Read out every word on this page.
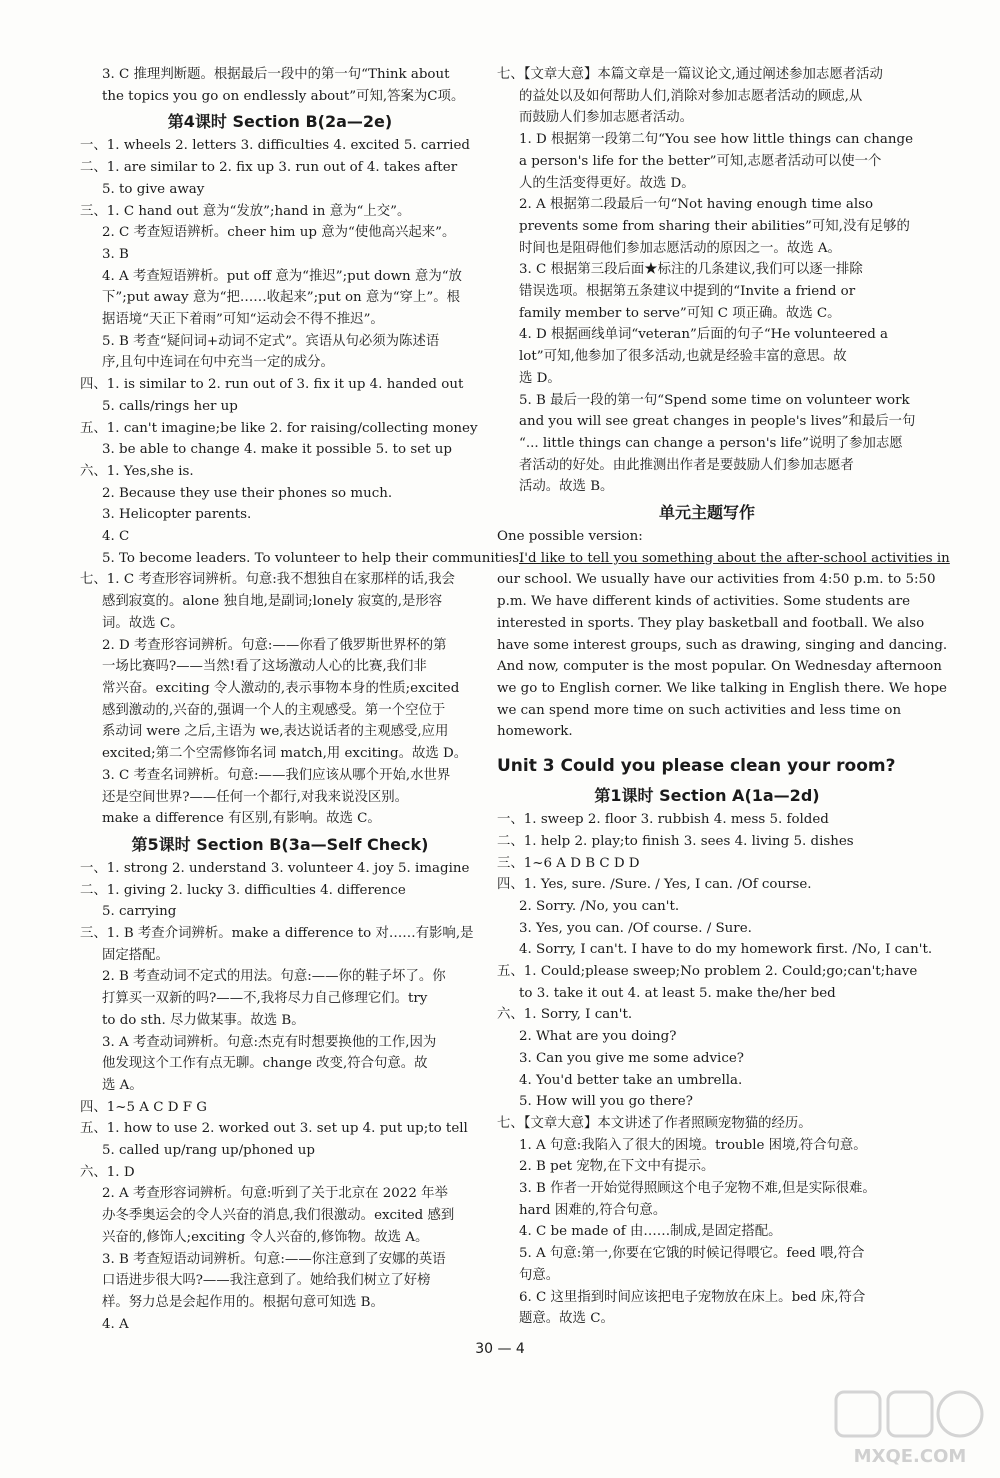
3. C 推理判断题。根据最后一段中的第一句“Think about
the topics you go on endlessly about”可知,答案为C项。
第4课时 Section B(2a—2e)
一、1. wheels 2. letters 3. difficulties 4. excited 5. carried
二、1. are similar to 2. fix up 3. run out of 4. takes after
5. to give away
三、1. C hand out 意为“发放”;hand in 意为“上交”。
2. C 考查短语辨析。cheer him up 意为“使他高兴起来”。
3. B
4. A 考查短语辨析。put off 意为“推迟”;put down 意为“放
下”;put away 意为“把……收起来”;put on 意为“穿上”。根
据语境“天正下着雨”可知“运动会不得不推迟”。
5. B 考查“疑问词+动词不定式”。宾语从句必须为陈述语
序,且句中连词在句中充当一定的成分。
四、1. is similar to 2. run out of 3. fix it up 4. handed out
5. calls/rings her up
五、1. can't imagine;be like 2. for raising/collecting money
3. be able to change 4. make it possible 5. to set up
六、1. Yes,she is.
2. Because they use their phones so much.
3. Helicopter parents.
4. C
5. To become leaders. To volunteer to help their communities.
七、1. C 考查形容词辨析。句意:我不想独自在家那样的话,我会
感到寂寞的。alone 独自地,是副词;lonely 寂寞的,是形容
词。故选 C。
2. D 考查形容词辨析。句意:——你看了俄罗斯世界杯的第
一场比赛吗?——当然!看了这场激动人心的比赛,我们非
常兴奋。exciting 令人激动的,表示事物本身的性质;excited
感到激动的,兴奋的,强调一个人的主观感受。第一个空位于
系动词 were 之后,主语为 we,表达说话者的主观感受,应用
excited;第二个空需修饰名词 match,用 exciting。故选 D。
3. C 考查名词辨析。句意:——我们应该从哪个开始,水世界
还是空间世界?——任何一个都行,对我来说没区别。
make a difference 有区别,有影响。故选 C。
第5课时 Section B(3a—Self Check)
一、1. strong 2. understand 3. volunteer 4. joy 5. imagine
二、1. giving 2. lucky 3. difficulties 4. difference
5. carrying
三、1. B 考查介词辨析。make a difference to 对……有影响,是
固定搭配。
2. B 考查动词不定式的用法。句意:——你的鞋子坏了。你
打算买一双新的吗?——不,我将尽力自己修理它们。try
to do sth. 尽力做某事。故选 B。
3. A 考查动词辨析。句意:杰克有时想要换他的工作,因为
他发现这个工作有点无聊。change 改变,符合句意。故
选 A。
四、1~5 A C D F G
五、1. how to use 2. worked out 3. set up 4. put up;to tell
5. called up/rang up/phoned up
六、1. D
2. A 考查形容词辨析。句意:听到了关于北京在 2022 年举
办冬季奥运会的令人兴奋的消息,我们很激动。excited 感到
兴奋的,修饰人;exciting 令人兴奋的,修饰物。故选 A。
3. B 考查短语动词辨析。句意:——你注意到了安娜的英语
口语进步很大吗?——我注意到了。她给我们树立了好榜
样。努力总是会起作用的。根据句意可知选 B。
4. A
七、【文章大意】本篇文章是一篇议论文,通过阐述参加志愿者活动
的益处以及如何帮助人们,消除对参加志愿者活动的顾虑,从
而鼓励人们参加志愿者活动。
1. D 根据第一段第二句“You see how little things can change
a person's life for the better”可知,志愿者活动可以使一个
人的生活变得更好。故选 D。
2. A 根据第二段最后一句“Not having enough time also
prevents some from sharing their abilities”可知,没有足够的
时间也是阻碍他们参加志愿活动的原因之一。故选 A。
3. C 根据第三段后面★标注的几条建议,我们可以逐一排除
错误选项。根据第五条建议中提到的“Invite a friend or
family member to serve”可知 C 项正确。故选 C。
4. D 根据画线单词“veteran”后面的句子“He volunteered a
lot”可知,他参加了很多活动,也就是经验丰富的意思。故
选 D。
5. B 最后一段的第一句“Spend some time on volunteer work
and you will see great changes in people's lives”和最后一句
“... little things can change a person's life”说明了参加志愿
者活动的好处。由此推测出作者是要鼓励人们参加志愿者
活动。故选 B。
单元主题写作
One possible version:
I'd like to tell you something about the after-school activities in
our school. We usually have our activities from 4:50 p.m. to 5:50
p.m. We have different kinds of activities. Some students are
interested in sports. They play basketball and football. We also
have some interest groups, such as drawing, singing and dancing.
And now, computer is the most popular. On Wednesday afternoon
we go to English corner. We like talking in English there. We hope
we can spend more time on such activities and less time on
homework.
Unit 3 Could you please clean your room?
第1课时 Section A(1a—2d)
一、1. sweep 2. floor 3. rubbish 4. mess 5. folded
二、1. help 2. play;to finish 3. sees 4. living 5. dishes
三、1~6 A D B C D D
四、1. Yes, sure. /Sure. / Yes, I can. /Of course.
2. Sorry. /No, you can't.
3. Yes, you can. /Of course. / Sure.
4. Sorry, I can't. I have to do my homework first. /No, I can't.
五、1. Could;please sweep;No problem 2. Could;go;can't;have
to 3. take it out 4. at least 5. make the/her bed
六、1. Sorry, I can't.
2. What are you doing?
3. Can you give me some advice?
4. You'd better take an umbrella.
5. How will you go there?
七、【文章大意】本文讲述了作者照顾宠物猫的经历。
1. A 句意:我陷入了很大的困境。trouble 困境,符合句意。
2. B pet 宠物,在下文中有提示。
3. B 作者一开始觉得照顾这个电子宠物不难,但是实际很难。
hard 困难的,符合句意。
4. C be made of 由……制成,是固定搭配。
5. A 句意:第一,你要在它饿的时候记得喂它。feed 喂,符合
句意。
6. C 这里指到时间应该把电子宠物放在床上。bed 床,符合
题意。故选 C。
30 — 4
MXQE.COM
